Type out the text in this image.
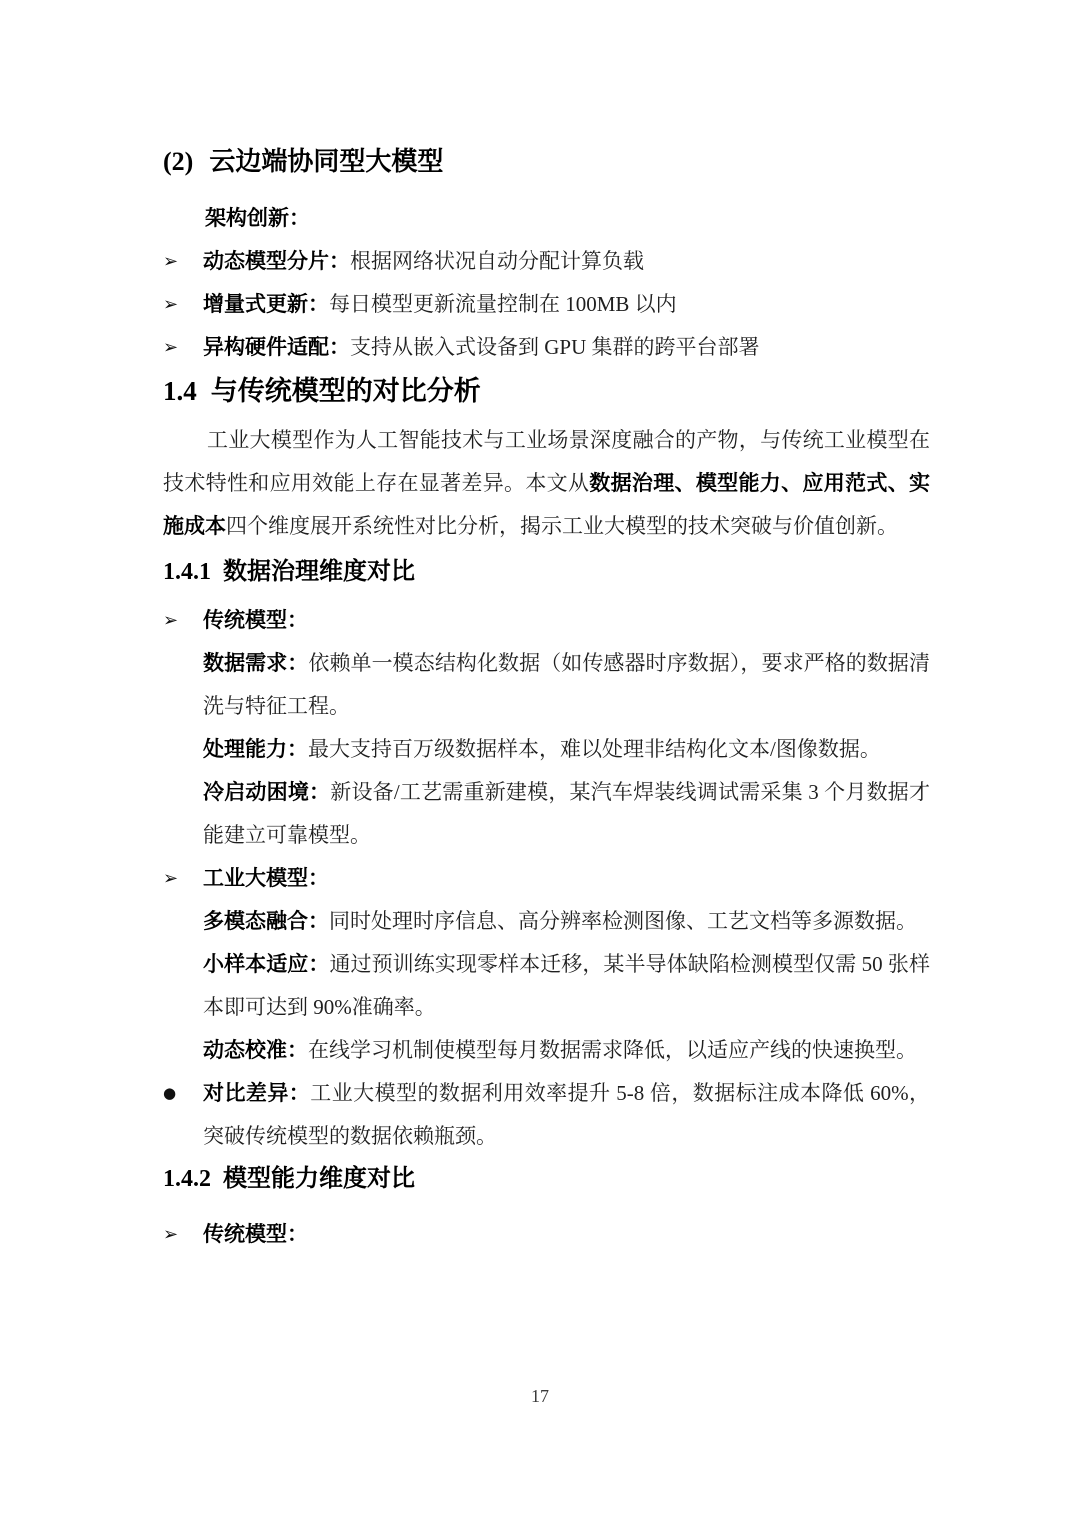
(2) 云边端协同型大模型
架构创新：
➢ 动态模型分片：根据网络状况自动分配计算负载
➢ 增量式更新：每日模型更新流量控制在 100MB 以内
➢ 异构硬件适配：支持从嵌入式设备到 GPU 集群的跨平台部署
1.4 与传统模型的对比分析

工业大模型作为人工智能技术与工业场景深度融合的产物，与传统工业模型在技术特性和应用效能上存在显著差异。本文从数据治理、模型能力、应用范式、实施成本四个维度展开系统性对比分析，揭示工业大模型的技术突破与价值创新。

1.4.1 数据治理维度对比
➢ 传统模型：
数据需求：依赖单一模态结构化数据（如传感器时序数据），要求严格的数据清洗与特征工程。
处理能力：最大支持百万级数据样本，难以处理非结构化文本/图像数据。
冷启动困境：新设备/工艺需重新建模，某汽车焊装线调试需采集 3 个月数据才能建立可靠模型。
➢ 工业大模型：
多模态融合：同时处理时序信息、高分辨率检测图像、工艺文档等多源数据。
小样本适应：通过预训练实现零样本迁移，某半导体缺陷检测模型仅需 50 张样本即可达到 90%准确率。
动态校准：在线学习机制使模型每月数据需求降低，以适应产线的快速换型。
● 对比差异：工业大模型的数据利用效率提升 5-8 倍，数据标注成本降低 60%，突破传统模型的数据依赖瓶颈。
1.4.2 模型能力维度对比
➢ 传统模型：
17
